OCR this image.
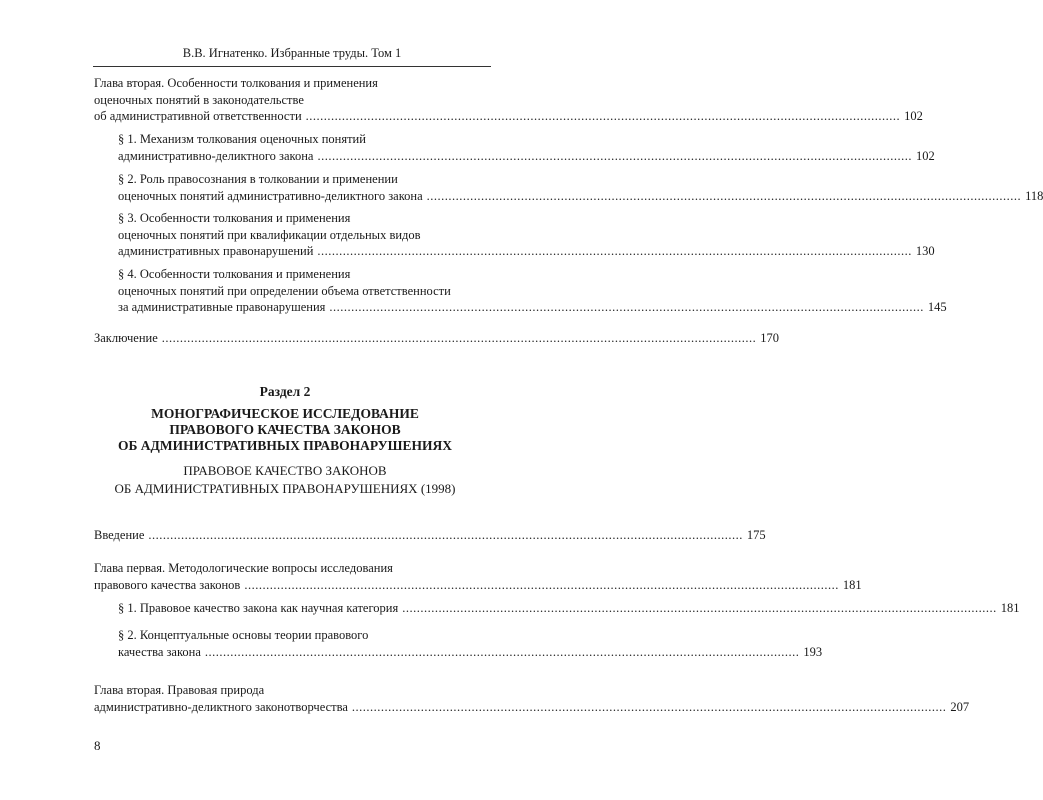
В.В. Игнатенко. Избранные труды. Том 1
Глава вторая. Особенности толкования и применения
оценочных понятий в законодательстве
об административной ответственности .................................................................................................................................................................... 102
§ 1. Механизм толкования оценочных понятий
административно-деликтного закона .................................................................................................................................................................... 102
§ 2. Роль правосознания в толковании и применении
оценочных понятий административно-деликтного закона .................................................................................................................................................................... 118
§ 3. Особенности толкования и применения
оценочных понятий при квалификации отдельных видов
административных правонарушений .................................................................................................................................................................... 130
§ 4. Особенности толкования и применения
оценочных понятий при определении объема ответственности
за административные правонарушения .................................................................................................................................................................... 145
Заключение .................................................................................................................................................................... 170
Раздел 2
МОНОГРАФИЧЕСКОЕ ИССЛЕДОВАНИЕ
ПРАВОВОГО КАЧЕСТВА ЗАКОНОВ
ОБ АДМИНИСТРАТИВНЫХ ПРАВОНАРУШЕНИЯХ
ПРАВОВОЕ КАЧЕСТВО ЗАКОНОВ
ОБ АДМИНИСТРАТИВНЫХ ПРАВОНАРУШЕНИЯХ (1998)
Введение .................................................................................................................................................................... 175
Глава первая. Методологические вопросы исследования
правового качества законов .................................................................................................................................................................... 181
§ 1. Правовое качество закона как научная категория .................................................................................................................................................................... 181
§ 2. Концептуальные основы теории правового
качества закона .................................................................................................................................................................... 193
Глава вторая. Правовая природа
административно-деликтного законотворчества .................................................................................................................................................................... 207
8
